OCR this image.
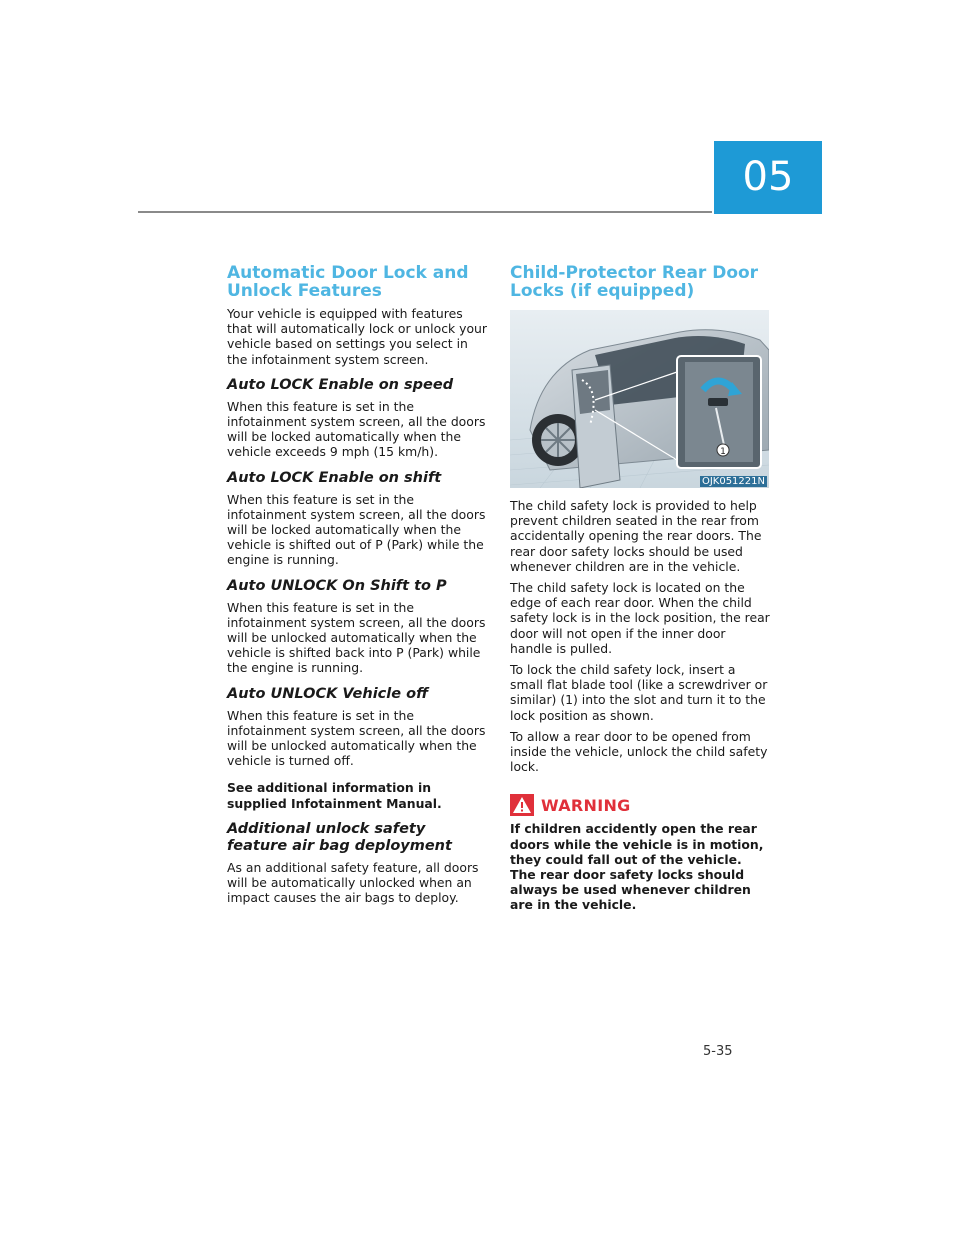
05
Automatic Door Lock and Unlock Features

Your vehicle is equipped with features that will automatically lock or unlock your vehicle based on settings you select in the infotainment system screen.

Auto LOCK Enable on speed

When this feature is set in the infotainment system screen, all the doors will be locked automatically when the vehicle exceeds 9 mph (15 km/h).

Auto LOCK Enable on shift

When this feature is set in the infotainment system screen, all the doors will be locked automatically when the vehicle is shifted out of P (Park) while the engine is running.

Auto UNLOCK On Shift to P

When this feature is set in the infotainment system screen, all the doors will be unlocked automatically when the vehicle is shifted back into P (Park) while the engine is running.

Auto UNLOCK Vehicle off

When this feature is set in the infotainment system screen, all the doors will be unlocked automatically when the vehicle is turned off.

See additional information in supplied Infotainment Manual.

Additional unlock safety feature air bag deployment

As an additional safety feature, all doors will be automatically unlocked when an impact causes the air bags to deploy.

Child-Protector Rear Door Locks (if equipped)
1
OJK051221N

The child safety lock is provided to help prevent children seated in the rear from accidentally opening the rear doors. The rear door safety locks should be used whenever children are in the vehicle.

The child safety lock is located on the edge of each rear door. When the child safety lock is in the lock position, the rear door will not open if the inner door handle is pulled.

To lock the child safety lock, insert a small flat blade tool (like a screwdriver or similar) (1) into the slot and turn it to the lock position as shown.

To allow a rear door to be opened from inside the vehicle, unlock the child safety lock.

WARNING

If children accidently open the rear doors while the vehicle is in motion, they could fall out of the vehicle. The rear door safety locks should always be used whenever children are in the vehicle.

5-35
